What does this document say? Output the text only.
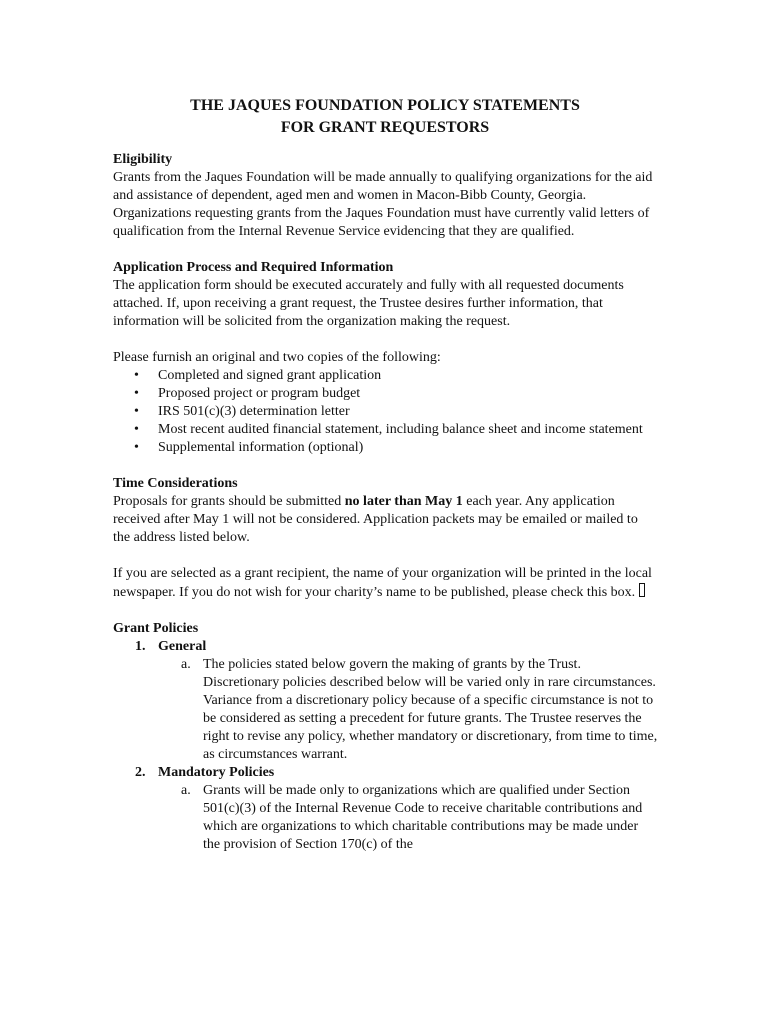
THE JAQUES FOUNDATION POLICY STATEMENTS
FOR GRANT REQUESTORS
Eligibility

Grants from the Jaques Foundation will be made annually to qualifying organizations for the aid and assistance of dependent, aged men and women in Macon-Bibb County, Georgia. Organizations requesting grants from the Jaques Foundation must have currently valid letters of qualification from the Internal Revenue Service evidencing that they are qualified.

Application Process and Required Information

The application form should be executed accurately and fully with all requested documents attached. If, upon receiving a grant request, the Trustee desires further information, that information will be solicited from the organization making the request.

Please furnish an original and two copies of the following:

• Completed and signed grant application
• Proposed project or program budget
• IRS 501(c)(3) determination letter
• Most recent audited financial statement, including balance sheet and income statement
• Supplemental information (optional)
Time Considerations

Proposals for grants should be submitted no later than May 1 each year. Any application received after May 1 will not be considered. Application packets may be emailed or mailed to the address listed below.

If you are selected as a grant recipient, the name of your organization will be printed in the local newspaper. If you do not wish for your charity’s name to be published, please check this box.

Grant Policies
1. General
a. The policies stated below govern the making of grants by the Trust. Discretionary policies described below will be varied only in rare circumstances. Variance from a discretionary policy because of a specific circumstance is not to be considered as setting a precedent for future grants. The Trustee reserves the right to revise any policy, whether mandatory or discretionary, from time to time, as circumstances warrant.
2. Mandatory Policies
a. Grants will be made only to organizations which are qualified under Section 501(c)(3) of the Internal Revenue Code to receive charitable contributions and which are organizations to which charitable contributions may be made under the provision of Section 170(c) of the
